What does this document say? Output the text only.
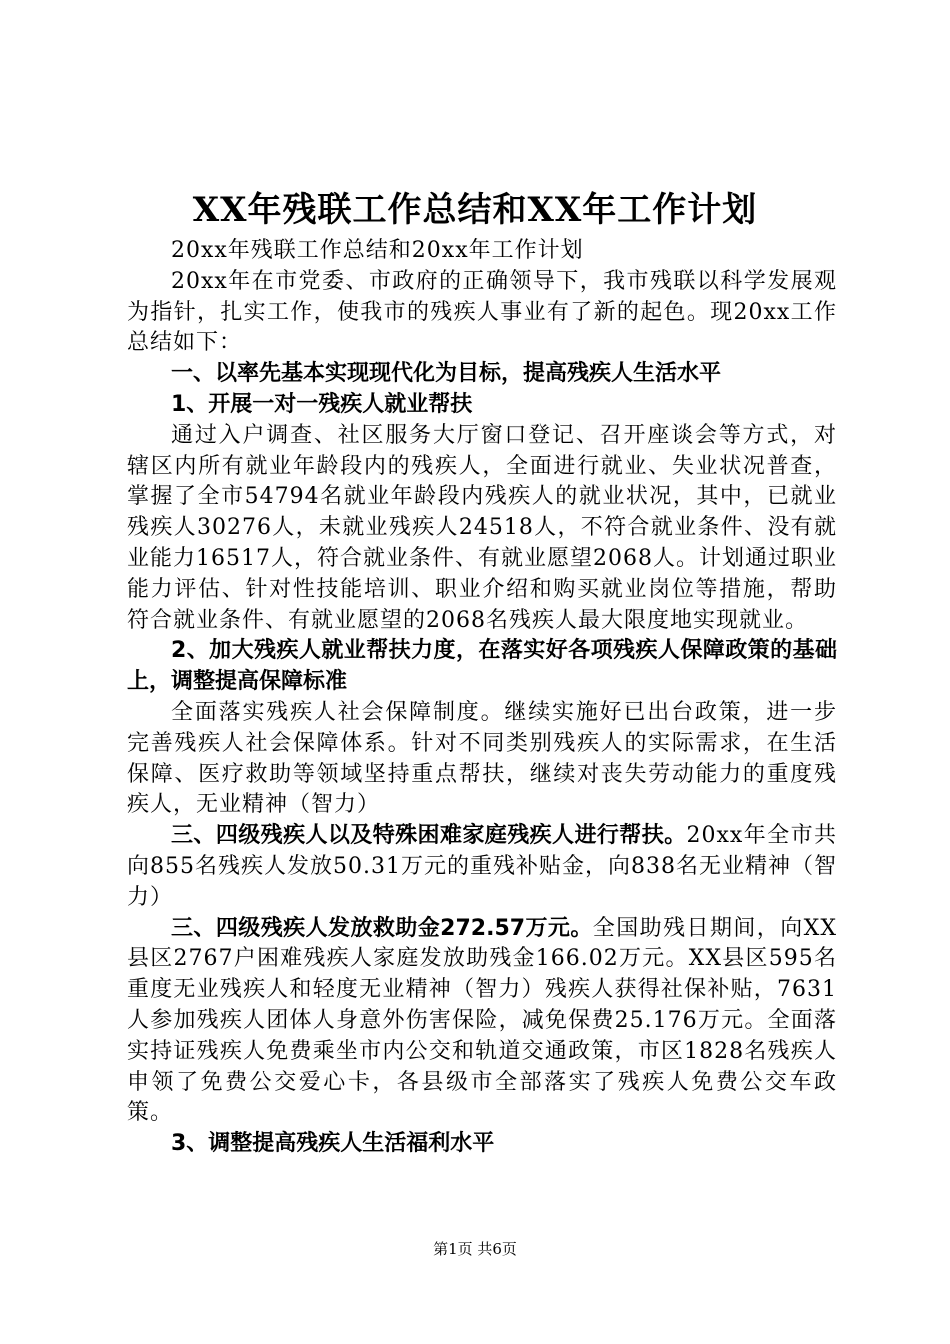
XX年残联工作总结和XX年工作计划

20xx年残联工作总结和20xx年工作计划

20xx年在市党委、市政府的正确领导下，我市残联以科学发展观为指针，扎实工作，使我市的残疾人事业有了新的起色。现20xx工作总结如下：

一、以率先基本实现现代化为目标，提高残疾人生活水平

1、开展一对一残疾人就业帮扶

通过入户调查、社区服务大厅窗口登记、召开座谈会等方式，对辖区内所有就业年龄段内的残疾人，全面进行就业、失业状况普查，掌握了全市54794名就业年龄段内残疾人的就业状况，其中，已就业残疾人30276人，未就业残疾人24518人，不符合就业条件、没有就业能力16517人，符合就业条件、有就业愿望2068人。计划通过职业能力评估、针对性技能培训、职业介绍和购买就业岗位等措施，帮助符合就业条件、有就业愿望的2068名残疾人最大限度地实现就业。

2、加大残疾人就业帮扶力度，在落实好各项残疾人保障政策的基础上，调整提高保障标准

全面落实残疾人社会保障制度。继续实施好已出台政策，进一步完善残疾人社会保障体系。针对不同类别残疾人的实际需求，在生活保障、医疗救助等领域坚持重点帮扶，继续对丧失劳动能力的重度残疾人，无业精神（智力）

三、四级残疾人以及特殊困难家庭残疾人进行帮扶。20xx年全市共向855名残疾人发放50.31万元的重残补贴金，向838名无业精神（智力）

三、四级残疾人发放救助金272.57万元。全国助残日期间，向XX县区2767户困难残疾人家庭发放助残金166.02万元。XX县区595名重度无业残疾人和轻度无业精神（智力）残疾人获得社保补贴，7631人参加残疾人团体人身意外伤害保险，减免保费25.176万元。全面落实持证残疾人免费乘坐市内公交和轨道交通政策，市区1828名残疾人申领了免费公交爱心卡，各县级市全部落实了残疾人免费公交车政策。

3、调整提高残疾人生活福利水平

第1页 共6页
